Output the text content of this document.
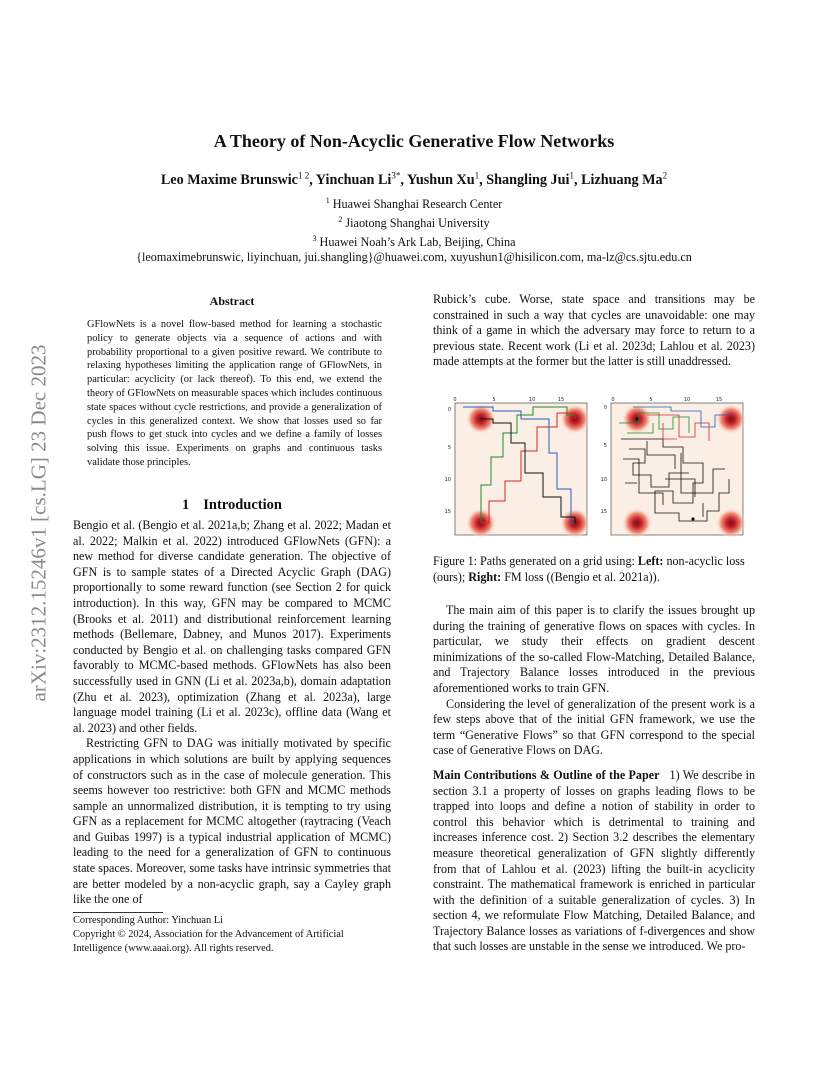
arXiv:2312.15246v1 [cs.LG] 23 Dec 2023
A Theory of Non-Acyclic Generative Flow Networks
Leo Maxime Brunswic$^{1 2}$, Yinchuan $Li^{3*}$, Yushun Xu$^1$, Shangling Jui$^1$, Lizhuang Ma$^2$
$^1$ Huawei Shanghai Research Center
$^2$ Jiaotong Shanghai University
$^3$ Huawei Noah’s Ark Lab, Beijing, China
{leomaximebrunswic, liyinchuan, jui.shangling}@huawei.com, xuyushun1@hisilicon.com, ma-lz@cs.sjtu.edu.cn
Abstract
GFlowNets is a novel flow-based method for learning a stochastic policy to generate objects via a sequence of actions and with probability proportional to a given positive reward. We contribute to relaxing hypotheses limiting the application range of GFlowNets, in particular: acyclicity (or lack thereof). To this end, we extend the theory of GFlowNets on measurable spaces which includes continuous state spaces without cycle restrictions, and provide a generalization of cycles in this generalized context. We show that losses used so far push flows to get stuck into cycles and we define a family of losses solving this issue. Experiments on graphs and continuous tasks validate those principles.
1 Introduction

Bengio et al. (Bengio et al. 2021a,b; Zhang et al. 2022; Madan et al. 2022; Malkin et al. 2022) introduced GFlowNets (GFN): a new method for diverse candidate generation. The objective of GFN is to sample states of a Directed Acyclic Graph (DAG) proportionally to some reward function (see Section 2 for quick introduction). In this way, GFN may be compared to MCMC (Brooks et al. 2011) and distributional reinforcement learning methods (Bellemare, Dabney, and Munos 2017). Experiments conducted by Bengio et al. on challenging tasks compared GFN favorably to MCMC-based methods. GFlowNets has also been successfully used in GNN (Li et al. 2023a,b), domain adaptation (Zhu et al. 2023), optimization (Zhang et al. 2023a), large language model training (Li et al. 2023c), offline data (Wang et al. 2023) and other fields.

Restricting GFN to DAG was initially motivated by specific applications in which solutions are built by applying sequences of constructors such as in the case of molecule generation. This seems however too restrictive: both GFN and MCMC methods sample an unnormalized distribution, it is tempting to try using GFN as a replacement for MCMC altogether (raytracing (Veach and Guibas 1997) is a typical industrial application of MCMC) leading to the need for a generalization of GFN to continuous state spaces. Moreover, some tasks have intrinsic symmetries that are better modeled by a non-acyclic graph, say a Cayley graph like the one of

Corresponding Author: Yinchuan Li
Copyright © 2024, Association for the Advancement of Artificial Intelligence (www.aaai.org). All rights reserved.

Rubick’s cube. Worse, state space and transitions may be constrained in such a way that cycles are unavoidable: one may think of a game in which the adversary may force to return to a previous state. Recent work (Li et al. 2023d; Lahlou et al. 2023) made attempts at the former but the latter is still unaddressed.

0	5	10	15
0
5
10
15
0	5	10	15
0
5
10
15
Figure 1: Paths generated on a grid using: Left: non-acyclic loss (ours); Right: FM loss ((Bengio et al. 2021a)).

The main aim of this paper is to clarify the issues brought up during the training of generative flows on spaces with cycles. In particular, we study their effects on gradient descent minimizations of the so-called Flow-Matching, Detailed Balance, and Trajectory Balance losses introduced in the previous aforementioned works to train GFN.

Considering the level of generalization of the present work is a few steps above that of the initial GFN framework, we use the term “Generative Flows” so that GFN correspond to the special case of Generative Flows on DAG.

Main Contributions & Outline of the Paper 1) We describe in section 3.1 a property of losses on graphs leading flows to be trapped into loops and define a notion of stability in order to control this behavior which is detrimental to training and increases inference cost. 2) Section 3.2 describes the elementary measure theoretical generalization of GFN slightly differently from that of Lahlou et al. (2023) lifting the built-in acyclicity constraint. The mathematical framework is enriched in particular with the definition of a suitable generalization of cycles. 3) In section 4, we reformulate Flow Matching, Detailed Balance, and Trajectory Balance losses as variations of f-divergences and show that such losses are unstable in the sense we introduced. We pro-
